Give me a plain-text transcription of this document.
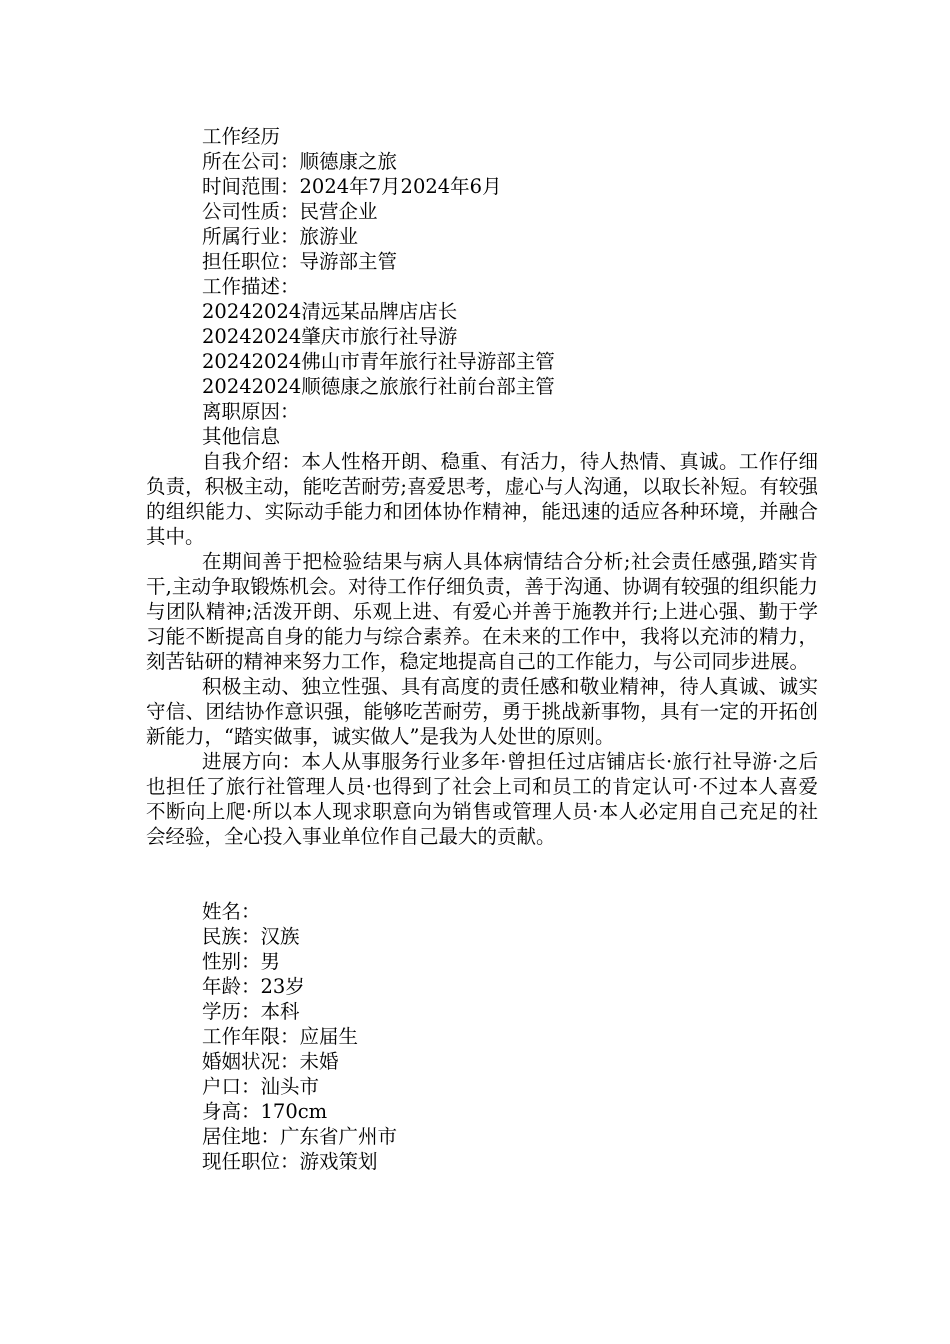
工作经历
所在公司：顺德康之旅
时间范围：2024年7月2024年6月
公司性质：民营企业
所属行业：旅游业
担任职位：导游部主管
工作描述：
20242024清远某品牌店店长
20242024肇庆市旅行社导游
20242024佛山市青年旅行社导游部主管
20242024顺德康之旅旅行社前台部主管
离职原因：
其他信息

自我介绍：本人性格开朗、稳重、有活力，待人热情、真诚。工作仔细负责，积极主动，能吃苦耐劳;喜爱思考，虚心与人沟通，以取长补短。有较强的组织能力、实际动手能力和团体协作精神，能迅速的适应各种环境，并融合其中。

在期间善于把检验结果与病人具体病情结合分析;社会责任感强,踏实肯干,主动争取锻炼机会。对待工作仔细负责，善于沟通、协调有较强的组织能力与团队精神;活泼开朗、乐观上进、有爱心并善于施教并行;上进心强、勤于学习能不断提高自身的能力与综合素养。在未来的工作中，我将以充沛的精力，刻苦钻研的精神来努力工作，稳定地提高自己的工作能力，与公司同步进展。

积极主动、独立性强、具有高度的责任感和敬业精神，待人真诚、诚实守信、团结协作意识强，能够吃苦耐劳，勇于挑战新事物，具有一定的开拓创新能力，“踏实做事，诚实做人”是我为人处世的原则。

进展方向：本人从事服务行业多年·曾担任过店铺店长·旅行社导游·之后也担任了旅行社管理人员·也得到了社会上司和员工的肯定认可·不过本人喜爱不断向上爬·所以本人现求职意向为销售或管理人员·本人必定用自己充足的社会经验，全心投入事业单位作自己最大的贡献。

姓名：
民族：汉族
性别：男
年龄：23岁
学历：本科
工作年限：应届生
婚姻状况：未婚
户口：汕头市
身高：170cm
居住地：广东省广州市
现任职位：游戏策划
